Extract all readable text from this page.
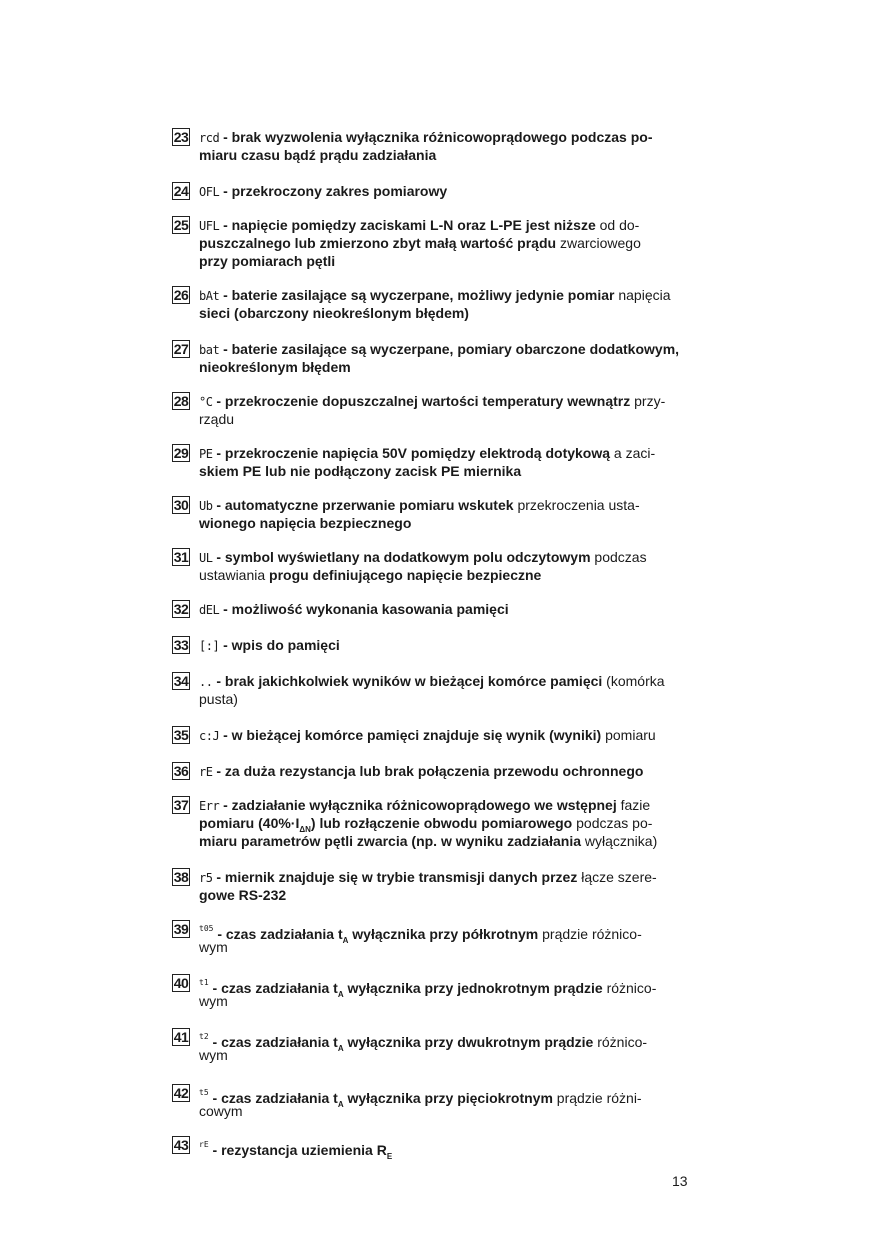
23 rcd - brak wyzwolenia wyłącznika różnicowoprądowego podczas po-
miaru czasu bądź prądu zadziałania
24 OFL - przekroczony zakres pomiarowy
25 UFL - napięcie pomiędzy zaciskami L-N oraz L-PE jest niższe od do-
puszczalnego lub zmierzono zbyt małą wartość prądu zwarciowego
przy pomiarach pętli
26 bAt - baterie zasilające są wyczerpane, możliwy jedynie pomiar napięcia
sieci (obarczony nieokreślonym błędem)
27 bat - baterie zasilające są wyczerpane, pomiary obarczone dodatkowym,
nieokreślonym błędem
28 °C - przekroczenie dopuszczalnej wartości temperatury wewnątrz przy-
rządu
29 PE - przekroczenie napięcia 50V pomiędzy elektrodą dotykową a zaci-
skiem PE lub nie podłączony zacisk PE miernika
30 Ub - automatyczne przerwanie pomiaru wskutek przekroczenia usta-
wionego napięcia bezpiecznego
31 UL - symbol wyświetlany na dodatkowym polu odczytowym podczas
ustawiania progu definiującego napięcie bezpieczne
32 dEL - możliwość wykonania kasowania pamięci
33 [:] - wpis do pamięci
34 .. - brak jakichkolwiek wyników w bieżącej komórce pamięci (komórka
pusta)
35 c:J - w bieżącej komórce pamięci znajduje się wynik (wyniki) pomiaru
36 rE - za duża rezystancja lub brak połączenia przewodu ochronnego
37 Err - zadziałanie wyłącznika różnicowoprądowego we wstępnej fazie
pomiaru $(40\%\cdot I_{\Delta N})$ lub rozłączenie obwodu pomiarowego podczas po-
miaru parametrów pętli zwarcia (np. w wyniku zadziałania wyłącznika)
38 r5 - miernik znajduje się w trybie transmisji danych przez łącze szere-
gowe RS-232
39 $^{t05}$ - czas zadziałania $t_A$ wyłącznika przy półkrotnym prądzie różnico-
wym
40 $^{t1}$ - czas zadziałania $t_A$ wyłącznika przy jednokrotnym prądzie różnico-
wym
41 $^{t2}$ - czas zadziałania $t_A$ wyłącznika przy dwukrotnym prądzie różnico-
wym
42 $^{t5}$ - czas zadziałania $t_A$ wyłącznika przy pięciokrotnym prądzie różni-
cowym
43 $^{rE}$ - rezystancja uziemienia $R_E$
13
